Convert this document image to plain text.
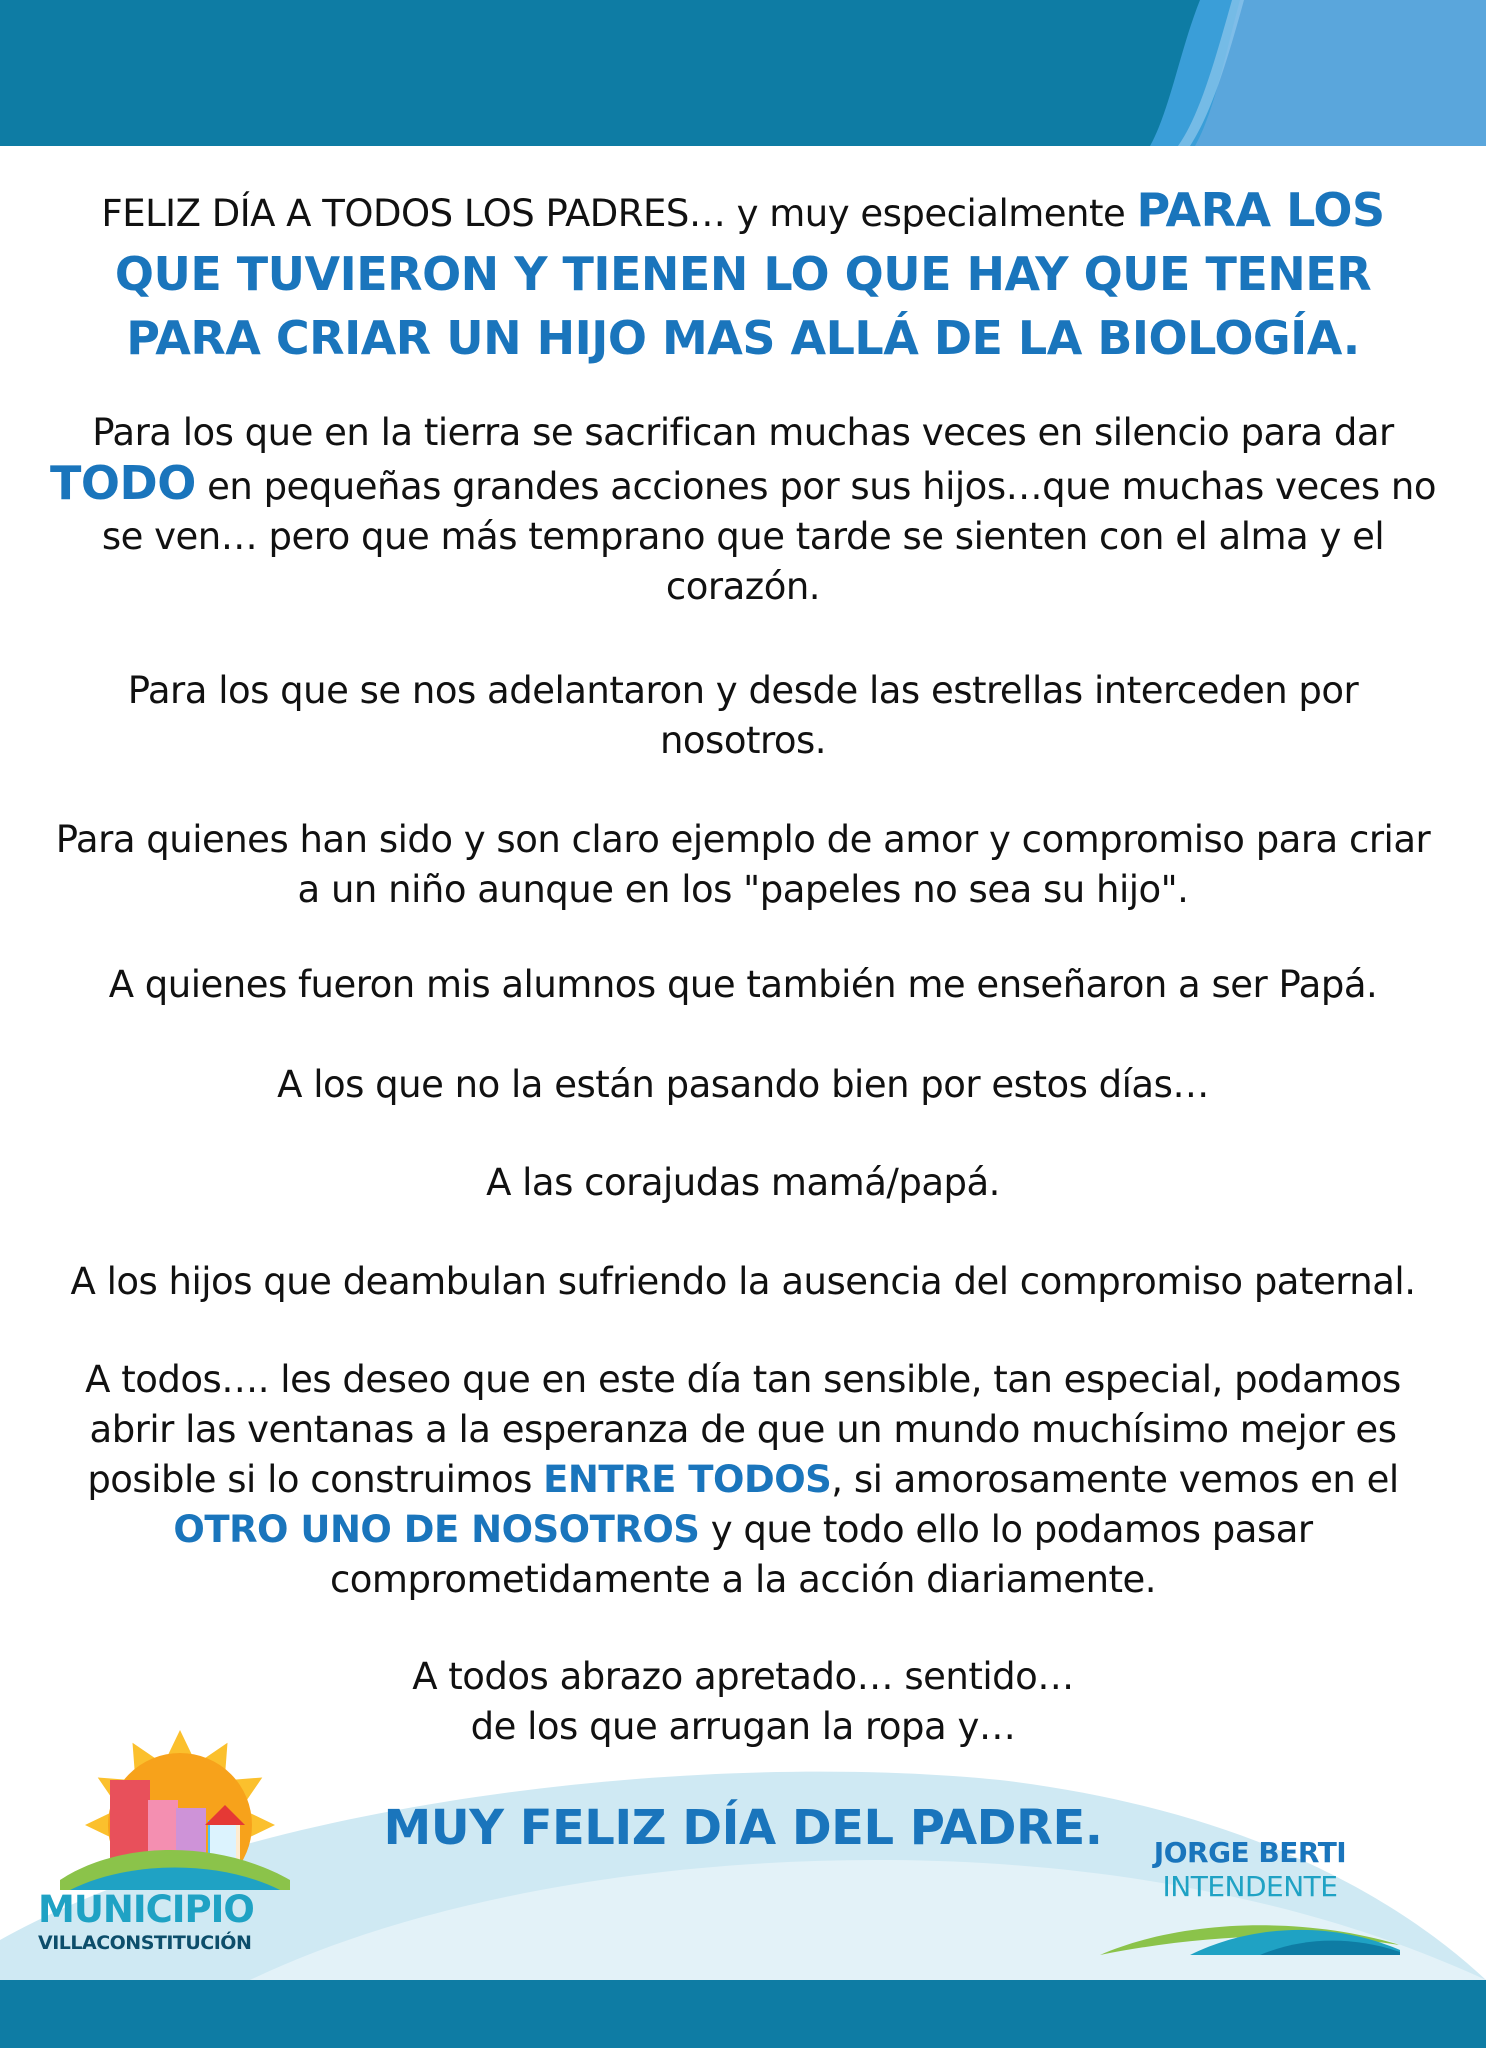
FELIZ DÍA A TODOS LOS PADRES… y muy especialmente PARA LOS QUE TUVIERON Y TIENEN LO QUE HAY QUE TENER PARA CRIAR UN HIJO MAS ALLÁ DE LA BIOLOGÍA.
Para los que en la tierra se sacrifican muchas veces en silencio para dar
TODO en pequeñas grandes acciones por sus hijos…que muchas veces no se ven… pero que más temprano que tarde se sienten con el alma y el corazón.
Para los que se nos adelantaron y desde las estrellas interceden por nosotros.
Para quienes han sido y son claro ejemplo de amor y compromiso para criar a un niño aunque en los "papeles no sea su hijo".
A quienes fueron mis alumnos que también me enseñaron a ser Papá.
A los que no la están pasando bien por estos días…
A las corajudas mamá/papá.
A los hijos que deambulan sufriendo la ausencia del compromiso paternal.
A todos…. les deseo que en este día tan sensible, tan especial, podamos abrir las ventanas a la esperanza de que un mundo muchísimo mejor es posible si lo construimos ENTRE TODOS, si amorosamente vemos en el OTRO UNO DE NOSOTROS y que todo ello lo podamos pasar comprometidamente a la acción diariamente.
A todos abrazo apretado… sentido…
de los que arrugan la ropa y…
MUY FELIZ DÍA DEL PADRE.
MUNICIPIO
VILLACONSTITUCIÓN
JORGE BERTI
INTENDENTE
